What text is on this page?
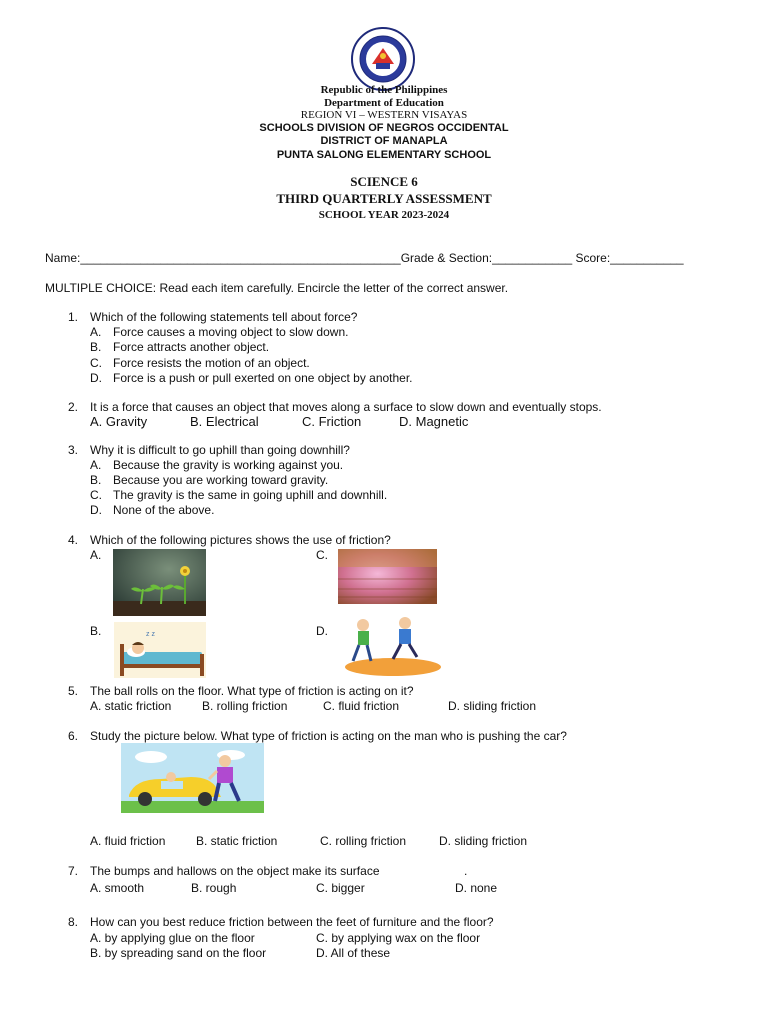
Republic of the Philippines
Department of Education
REGION VI – WESTERN VISAYAS
SCHOOLS DIVISION OF NEGROS OCCIDENTAL
DISTRICT OF MANAPLA
PUNTA SALONG ELEMENTARY SCHOOL
SCIENCE 6
THIRD QUARTERLY ASSESSMENT
SCHOOL YEAR 2023-2024
Name:________________________________________________Grade & Section:____________ Score:___________
MULTIPLE CHOICE: Read each item carefully. Encircle the letter of the correct answer.
1. Which of the following statements tell about force?
A. Force causes a moving object to slow down.
B. Force attracts another object.
C. Force resists the motion of an object.
D. Force is a push or pull exerted on one object by another.
2. It is a force that causes an object that moves along a surface to slow down and eventually stops.
A. Gravity	B. Electrical	C. Friction	D. Magnetic
3. Why it is difficult to go uphill than going downhill?
A. Because the gravity is working against you.
B. Because you are working toward gravity.
C. The gravity is the same in going uphill and downhill.
D. None of the above.
4. Which of the following pictures shows the use of friction?
A.	C.
B.	D.
z z
5. The ball rolls on the floor. What type of friction is acting on it?
A. static friction	B. rolling friction	C. fluid friction	D. sliding friction
6. Study the picture below. What type of friction is acting on the man who is pushing the car?
A. fluid friction	B. static friction	C. rolling friction	D. sliding friction
7. The bumps and hallows on the object make its surface	.
A. smooth	B. rough	C. bigger	D. none
8. How can you best reduce friction between the feet of furniture and the floor?
A. by applying glue on the floor	C. by applying wax on the floor
B. by spreading sand on the floor	D. All of these
